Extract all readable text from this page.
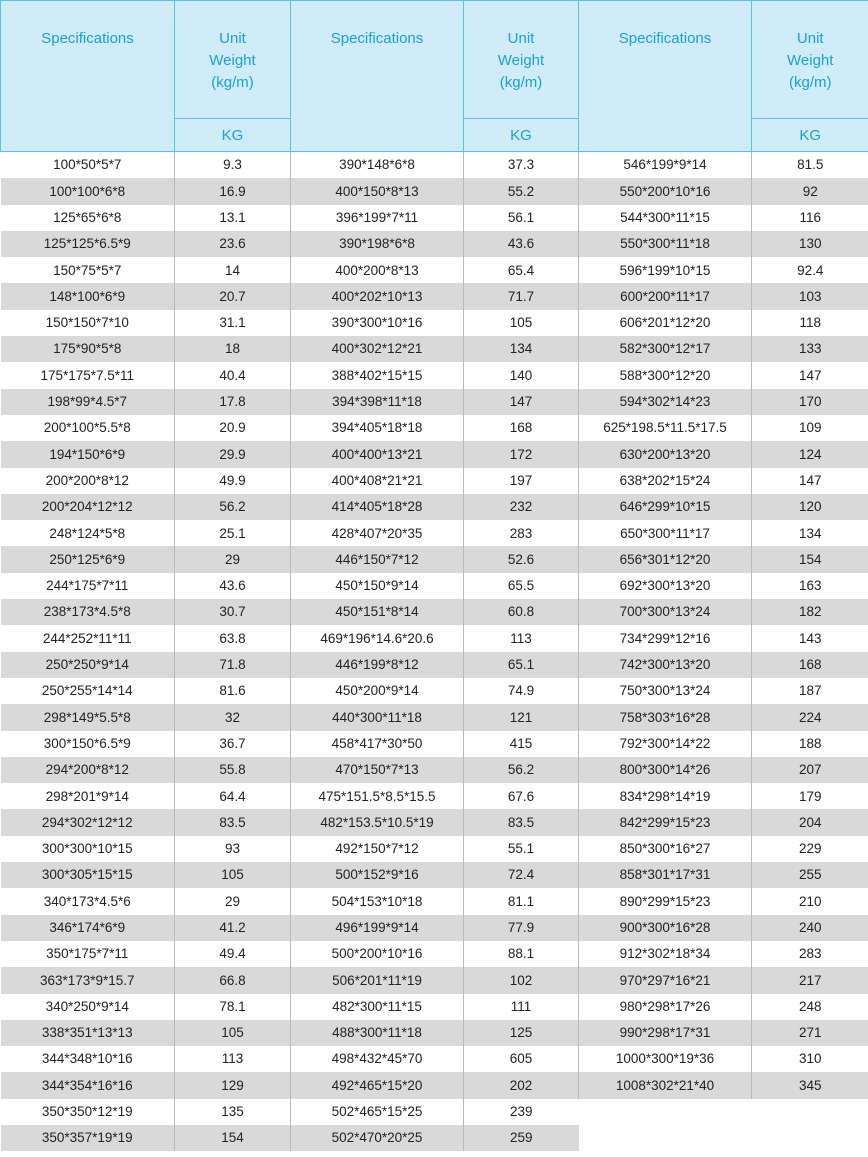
Specifications	Unit
Weight
(kg/m)	Specifications	Unit
Weight
(kg/m)	Specifications	Unit
Weight
(kg/m)
	KG		KG		KG
100*50*5*7	9.3	390*148*6*8	37.3	546*199*9*14	81.5
100*100*6*8	16.9	400*150*8*13	55.2	550*200*10*16	92
125*65*6*8	13.1	396*199*7*11	56.1	544*300*11*15	116
125*125*6.5*9	23.6	390*198*6*8	43.6	550*300*11*18	130
150*75*5*7	14	400*200*8*13	65.4	596*199*10*15	92.4
148*100*6*9	20.7	400*202*10*13	71.7	600*200*11*17	103
150*150*7*10	31.1	390*300*10*16	105	606*201*12*20	118
175*90*5*8	18	400*302*12*21	134	582*300*12*17	133
175*175*7.5*11	40.4	388*402*15*15	140	588*300*12*20	147
198*99*4.5*7	17.8	394*398*11*18	147	594*302*14*23	170
200*100*5.5*8	20.9	394*405*18*18	168	625*198.5*11.5*17.5	109
194*150*6*9	29.9	400*400*13*21	172	630*200*13*20	124
200*200*8*12	49.9	400*408*21*21	197	638*202*15*24	147
200*204*12*12	56.2	414*405*18*28	232	646*299*10*15	120
248*124*5*8	25.1	428*407*20*35	283	650*300*11*17	134
250*125*6*9	29	446*150*7*12	52.6	656*301*12*20	154
244*175*7*11	43.6	450*150*9*14	65.5	692*300*13*20	163
238*173*4.5*8	30.7	450*151*8*14	60.8	700*300*13*24	182
244*252*11*11	63.8	469*196*14.6*20.6	113	734*299*12*16	143
250*250*9*14	71.8	446*199*8*12	65.1	742*300*13*20	168
250*255*14*14	81.6	450*200*9*14	74.9	750*300*13*24	187
298*149*5.5*8	32	440*300*11*18	121	758*303*16*28	224
300*150*6.5*9	36.7	458*417*30*50	415	792*300*14*22	188
294*200*8*12	55.8	470*150*7*13	56.2	800*300*14*26	207
298*201*9*14	64.4	475*151.5*8.5*15.5	67.6	834*298*14*19	179
294*302*12*12	83.5	482*153.5*10.5*19	83.5	842*299*15*23	204
300*300*10*15	93	492*150*7*12	55.1	850*300*16*27	229
300*305*15*15	105	500*152*9*16	72.4	858*301*17*31	255
340*173*4.5*6	29	504*153*10*18	81.1	890*299*15*23	210
346*174*6*9	41.2	496*199*9*14	77.9	900*300*16*28	240
350*175*7*11	49.4	500*200*10*16	88.1	912*302*18*34	283
363*173*9*15.7	66.8	506*201*11*19	102	970*297*16*21	217
340*250*9*14	78.1	482*300*11*15	111	980*298*17*26	248
338*351*13*13	105	488*300*11*18	125	990*298*17*31	271
344*348*10*16	113	498*432*45*70	605	1000*300*19*36	310
344*354*16*16	129	492*465*15*20	202	1008*302*21*40	345
350*350*12*19	135	502*465*15*25	239		
350*357*19*19	154	502*470*20*25	259		
